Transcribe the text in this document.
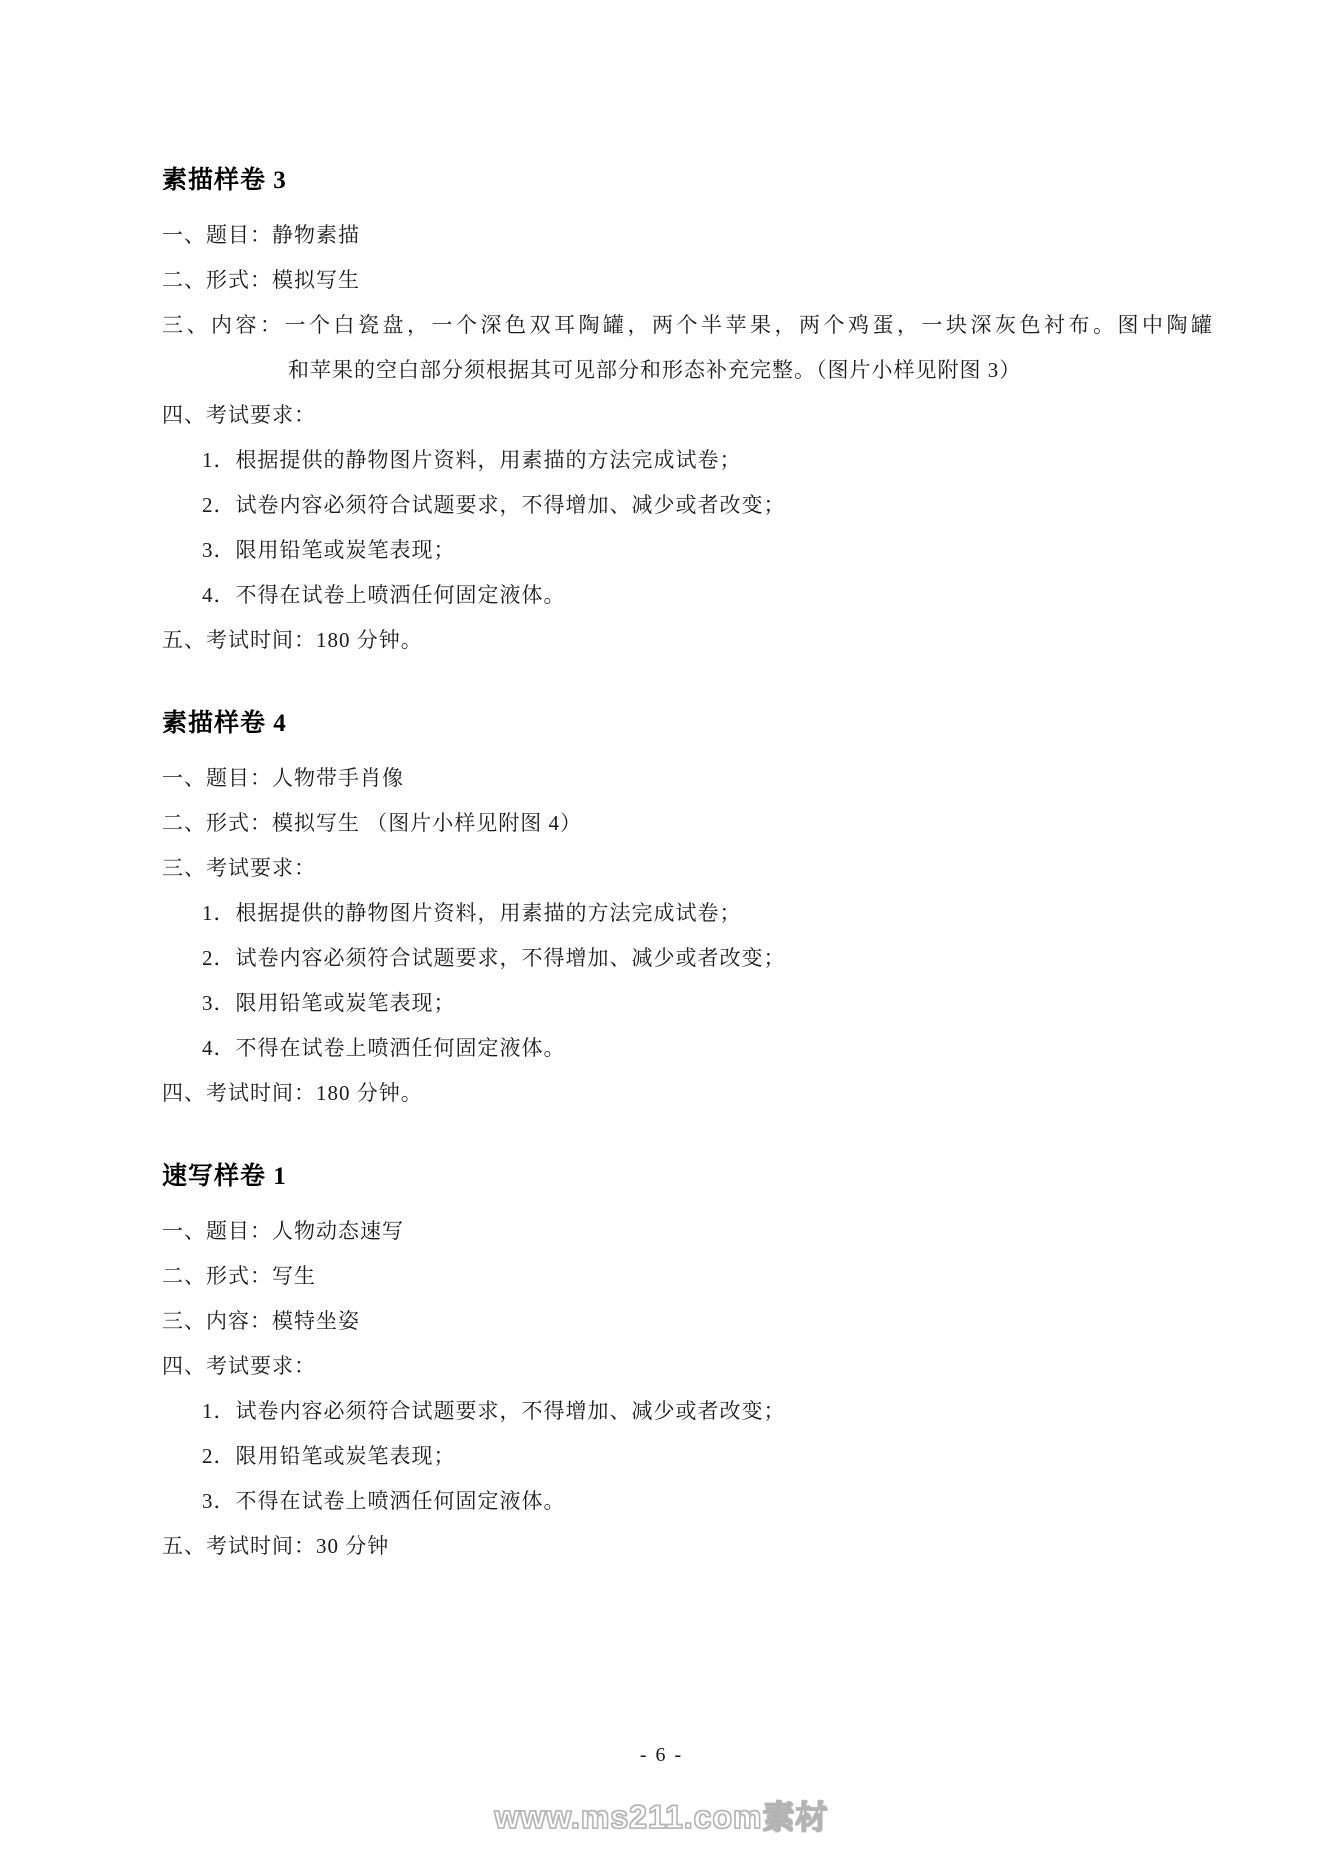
素描样卷 3

一、题目：静物素描

二、形式：模拟写生

三、内容：一个白瓷盘，一个深色双耳陶罐，两个半苹果，两个鸡蛋，一块深灰色衬布。图中陶罐

和苹果的空白部分须根据其可见部分和形态补充完整。（图片小样见附图 3）

四、考试要求：

1．根据提供的静物图片资料，用素描的方法完成试卷；

2．试卷内容必须符合试题要求，不得增加、减少或者改变；

3．限用铅笔或炭笔表现；

4．不得在试卷上喷洒任何固定液体。

五、考试时间：180 分钟。

素描样卷 4

一、题目：人物带手肖像

二、形式：模拟写生 （图片小样见附图 4）

三、考试要求：

1．根据提供的静物图片资料，用素描的方法完成试卷；

2．试卷内容必须符合试题要求，不得增加、减少或者改变；

3．限用铅笔或炭笔表现；

4．不得在试卷上喷洒任何固定液体。

四、考试时间：180 分钟。

速写样卷 1

一、题目：人物动态速写

二、形式：写生

三、内容：模特坐姿

四、考试要求：

1．试卷内容必须符合试题要求，不得增加、减少或者改变；

2．限用铅笔或炭笔表现；

3．不得在试卷上喷洒任何固定液体。

五、考试时间：30 分钟

- 6 -
www.ms211.com素材
